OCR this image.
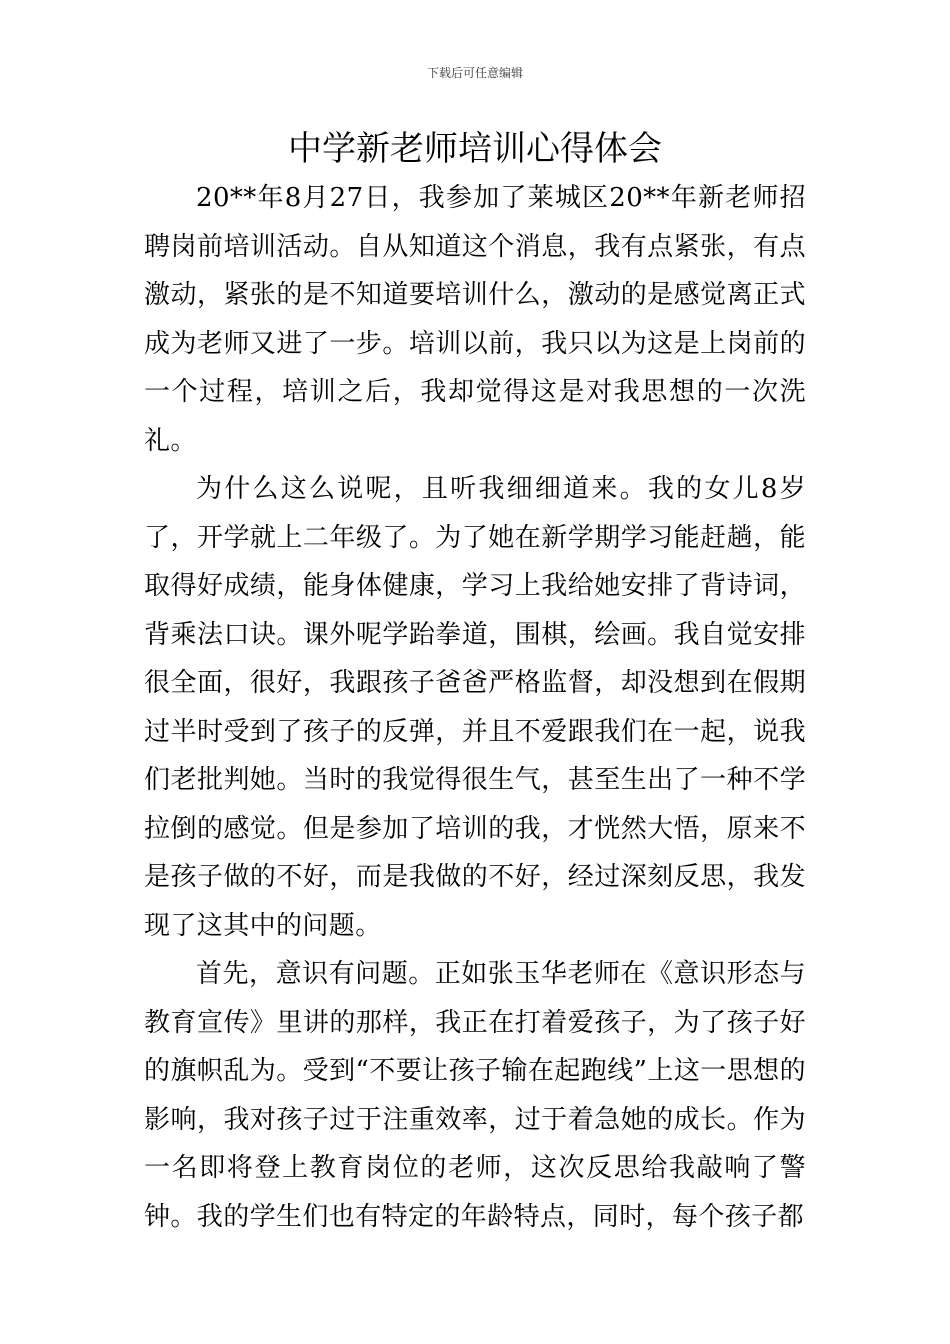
下载后可任意编辑
中学新老师培训心得体会

20**年8月27日，我参加了莱城区20**年新老师招聘岗前培训活动。自从知道这个消息，我有点紧张，有点激动，紧张的是不知道要培训什么，激动的是感觉离正式成为老师又进了一步。培训以前，我只以为这是上岗前的一个过程，培训之后，我却觉得这是对我思想的一次洗礼。

为什么这么说呢，且听我细细道来。我的女儿8岁了，开学就上二年级了。为了她在新学期学习能赶趟，能取得好成绩，能身体健康，学习上我给她安排了背诗词，背乘法口诀。课外呢学跆拳道，围棋，绘画。我自觉安排很全面，很好，我跟孩子爸爸严格监督，却没想到在假期过半时受到了孩子的反弹，并且不爱跟我们在一起，说我们老批判她。当时的我觉得很生气，甚至生出了一种不学拉倒的感觉。但是参加了培训的我，才恍然大悟，原来不是孩子做的不好，而是我做的不好，经过深刻反思，我发现了这其中的问题。

首先，意识有问题。正如张玉华老师在《意识形态与教育宣传》里讲的那样，我正在打着爱孩子，为了孩子好的旗帜乱为。受到“不要让孩子输在起跑线”上这一思想的影响，我对孩子过于注重效率，过于着急她的成长。作为一名即将登上教育岗位的老师，这次反思给我敲响了警钟。我的学生们也有特定的年龄特点，同时，每个孩子都
